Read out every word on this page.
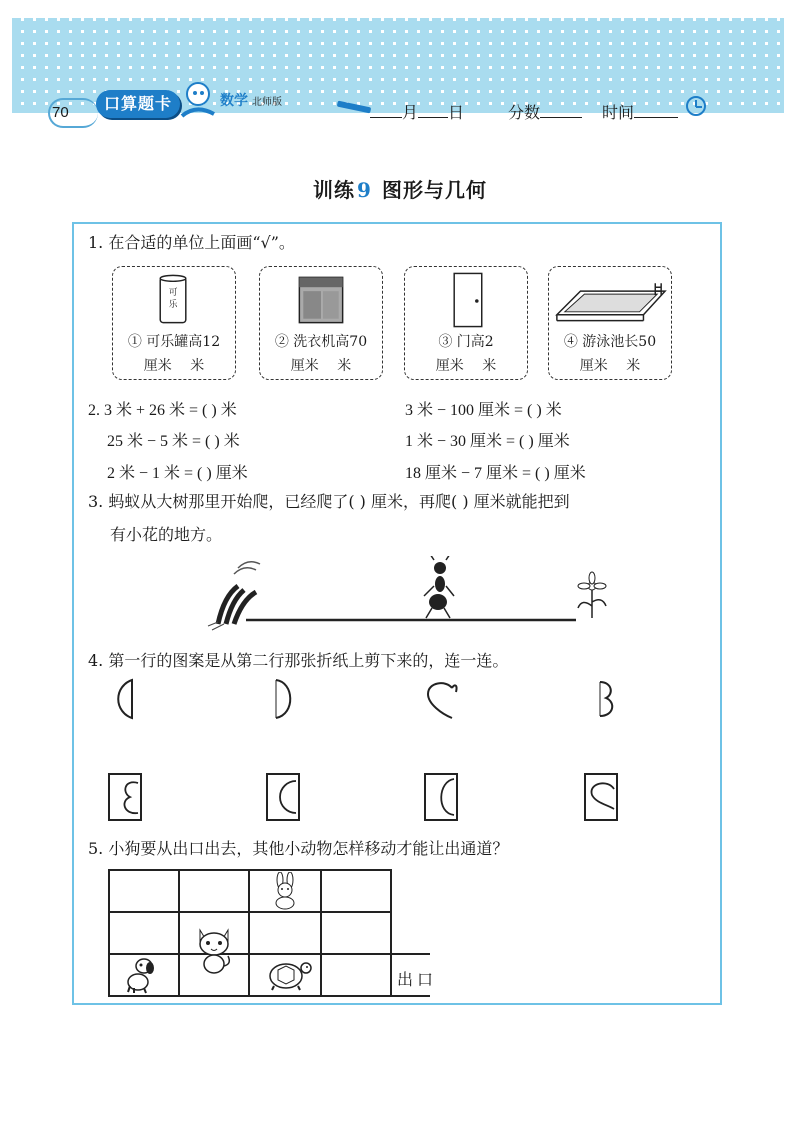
70	口算题卡	数学 北师版
月 日	分数	时间
训练 9 图形与几何
1. 在合适的单位上面画“√”。
可
乐
① 可乐罐高12
厘米 米
② 洗衣机高70
厘米 米
③ 门高2
厘米 米
④ 游泳池长50
厘米 米
2. 3 米 + 26 米 = ( ) 米	3 米 − 100 厘米 = ( ) 米
25 米 − 5 米 = ( ) 米	1 米 − 30 厘米 = ( ) 厘米
2 米 − 1 米 = ( ) 厘米	18 厘米 − 7 厘米 = ( ) 厘米
3. 蚂蚁从大树那里开始爬，已经爬了( ) 厘米，再爬( ) 厘米就能把到
有小花的地方。
4. 第一行的图案是从第二行那张折纸上剪下来的，连一连。
5. 小狗要从出口出去，其他小动物怎样移动才能让出通道？
出口
